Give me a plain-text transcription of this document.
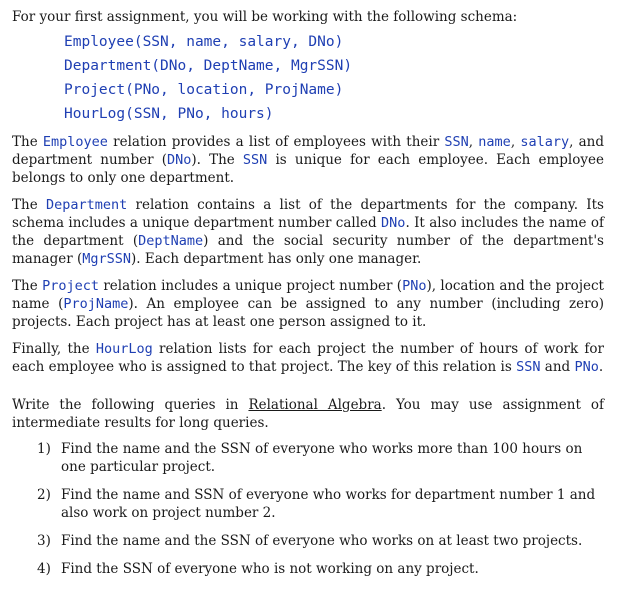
For your first assignment, you will be working with the following schema:

Employee(SSN, name, salary, DNo)
Department(DNo, DeptName, MgrSSN)
Project(PNo, location, ProjName)
HourLog(SSN, PNo, hours)

The Employee relation provides a list of employees with their SSN, name, salary, and department number (DNo). The SSN is unique for each employee. Each employee belongs to only one department.

The Department relation contains a list of the departments for the company. Its schema includes a unique department number called DNo. It also includes the name of the department (DeptName) and the social security number of the department's manager (MgrSSN). Each department has only one manager.

The Project relation includes a unique project number (PNo), location and the project name (ProjName). An employee can be assigned to any number (including zero) projects. Each project has at least one person assigned to it.

Finally, the HourLog relation lists for each project the number of hours of work for each employee who is assigned to that project. The key of this relation is SSN and PNo.

Write the following queries in Relational Algebra. You may use assignment of intermediate results for long queries.

1) Find the name and the SSN of everyone who works more than 100 hours on one particular project.
2) Find the name and SSN of everyone who works for department number 1 and also work on project number 2.
3) Find the name and the SSN of everyone who works on at least two projects.
4) Find the SSN of everyone who is not working on any project.
